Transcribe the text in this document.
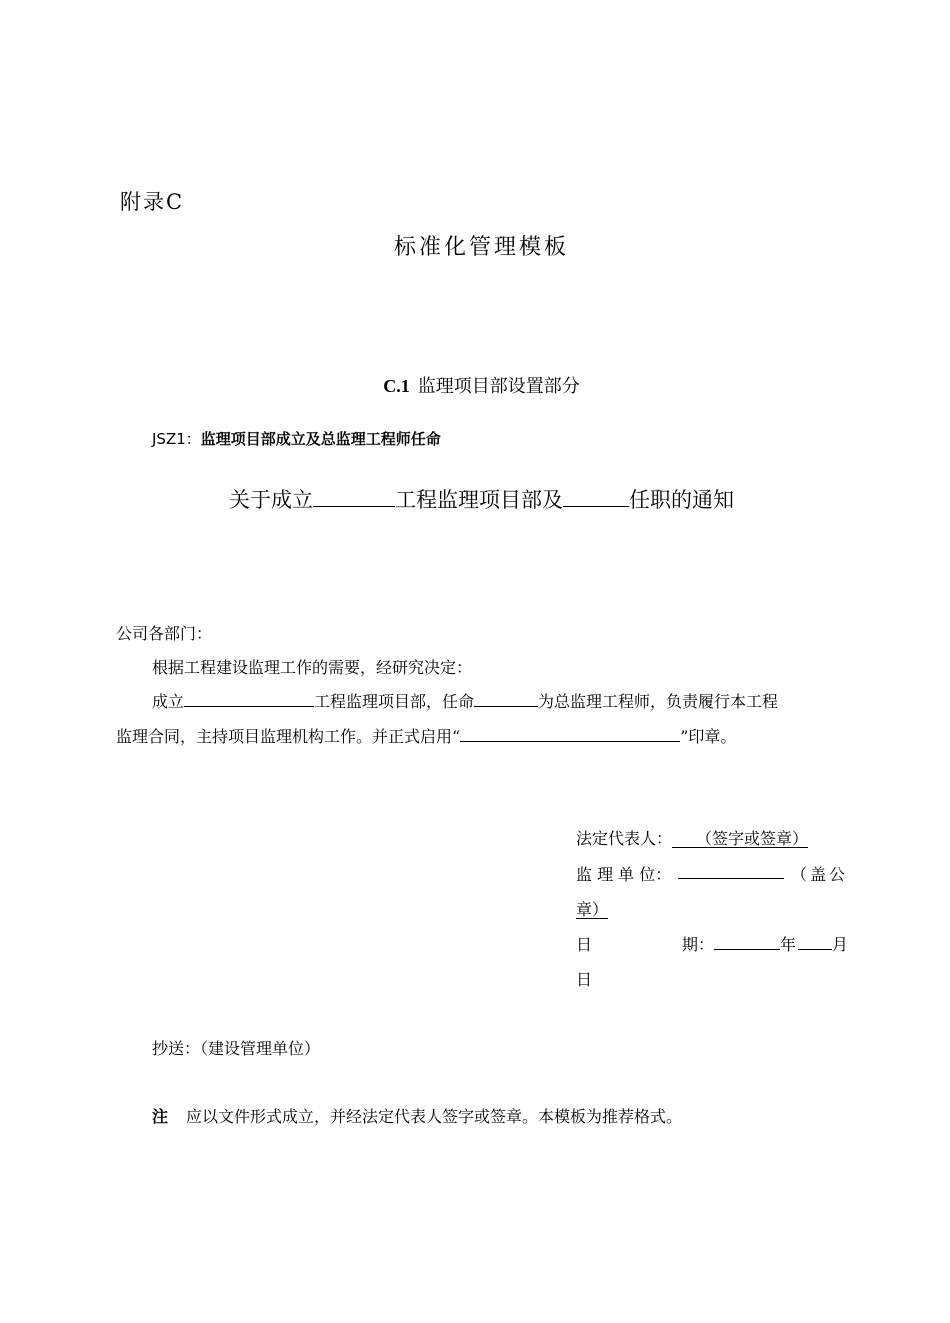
附录C
标准化管理模板
C.1 监理项目部设置部分
JSZ1：监理项目部成立及总监理工程师任命
关于成立	工程监理项目部及	任职的通知
公司各部门：
根据工程建设监理工作的需要，经研究决定：
成立	工程监理项目部，任命	为总监理工程师，负责履行本工程
监理合同，主持项目监理机构工作。并正式启用“	”印章。
法定代表人：   （签字或签章）
监 理 单 位：	（盖公
章）
日	期：	年 月
日
抄送：（建设管理单位）
注 应以文件形式成立，并经法定代表人签字或签章。本模板为推荐格式。
